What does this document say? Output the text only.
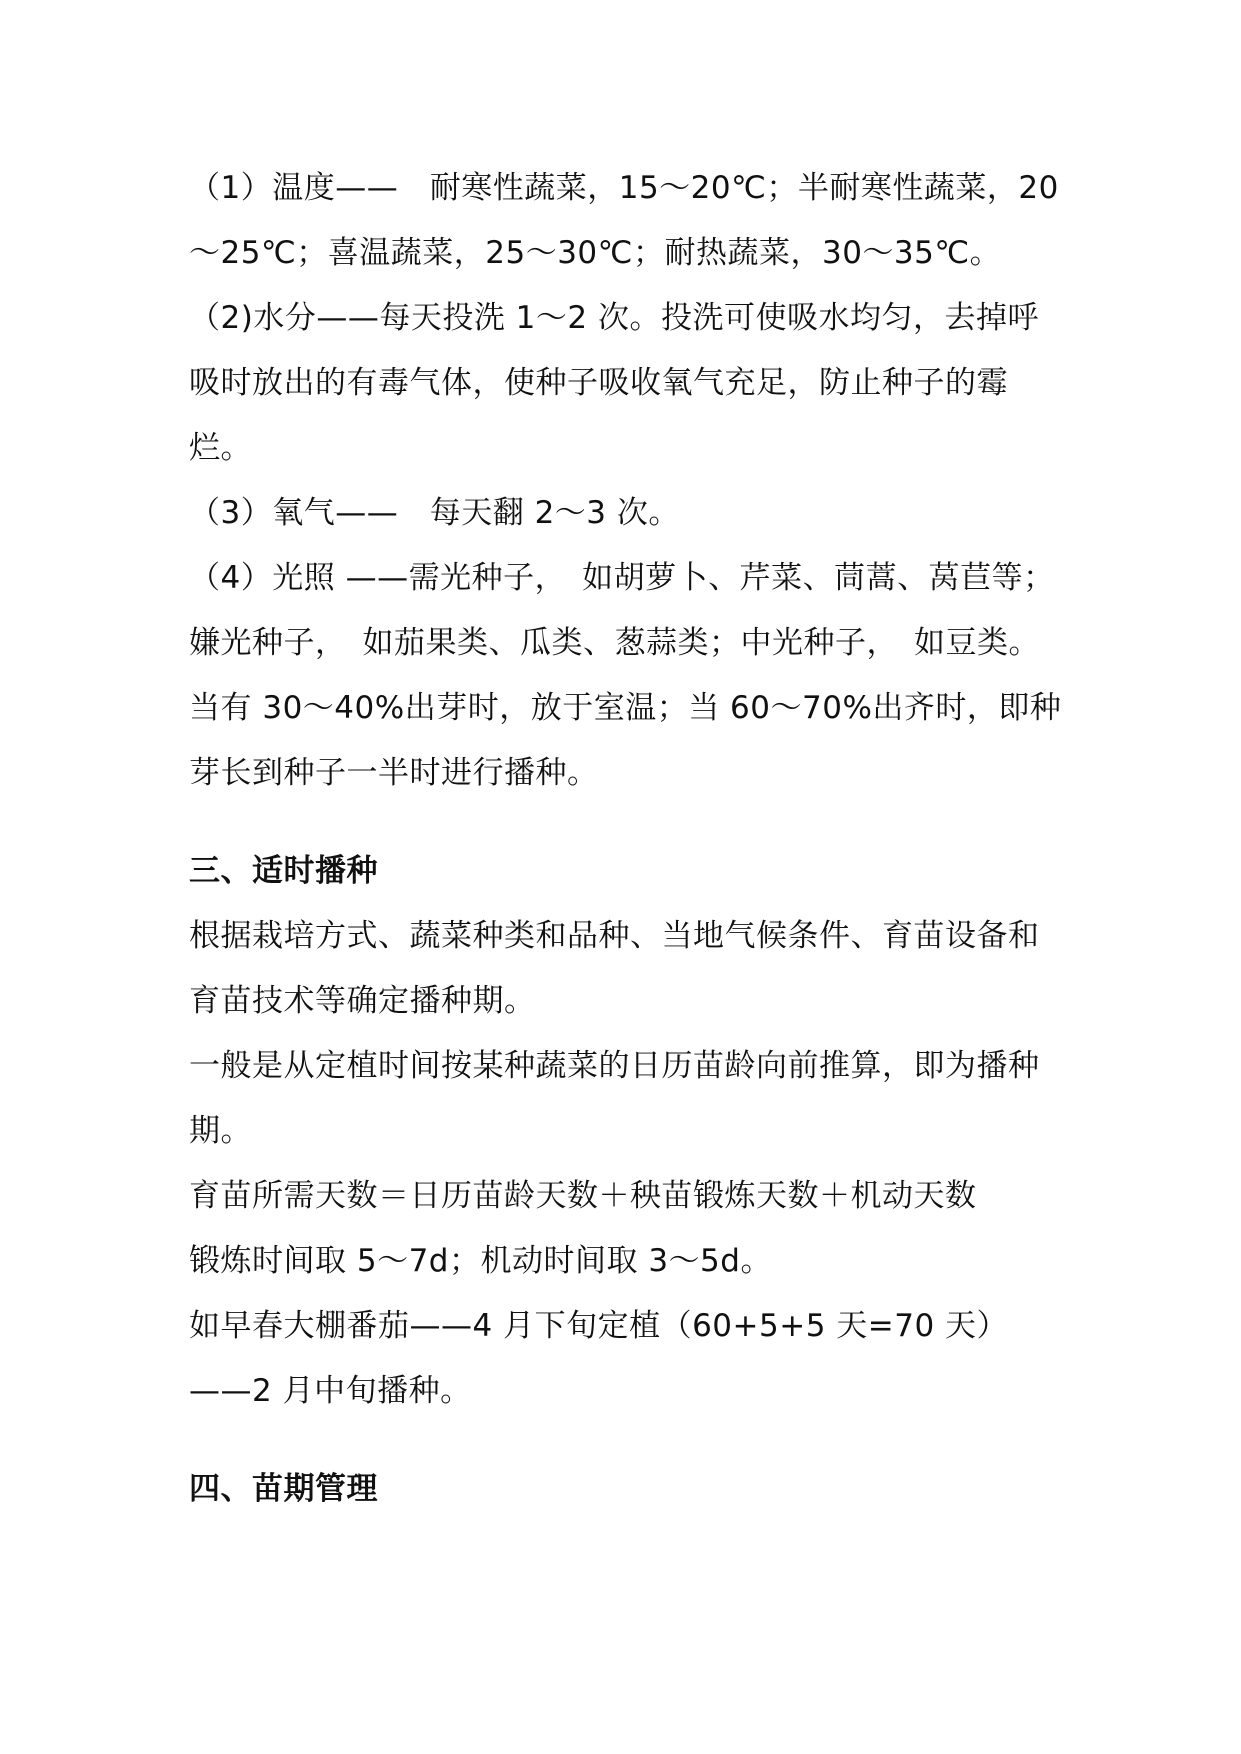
（1）温度——　耐寒性蔬菜，15～20℃；半耐寒性蔬菜，20～25℃；喜温蔬菜，25～30℃；耐热蔬菜，30～35℃。

（2)水分——每天投洗 1～2 次。投洗可使吸水均匀，去掉呼吸时放出的有毒气体，使种子吸收氧气充足，防止种子的霉烂。

（3）氧气——　每天翻 2～3 次。

（4）光照 ——需光种子，　如胡萝卜、芹菜、茼蒿、莴苣等；嫌光种子，　如茄果类、瓜类、葱蒜类；中光种子，　如豆类。

当有 30～40%出芽时，放于室温；当 60～70%出齐时，即种芽长到种子一半时进行播种。

三、适时播种

根据栽培方式、蔬菜种类和品种、当地气候条件、育苗设备和育苗技术等确定播种期。

一般是从定植时间按某种蔬菜的日历苗龄向前推算，即为播种期。

育苗所需天数＝日历苗龄天数＋秧苗锻炼天数＋机动天数

锻炼时间取 5～7d；机动时间取 3～5d。

如早春大棚番茄——4 月下旬定植（60+5+5 天=70 天）——2 月中旬播种。

四、苗期管理
